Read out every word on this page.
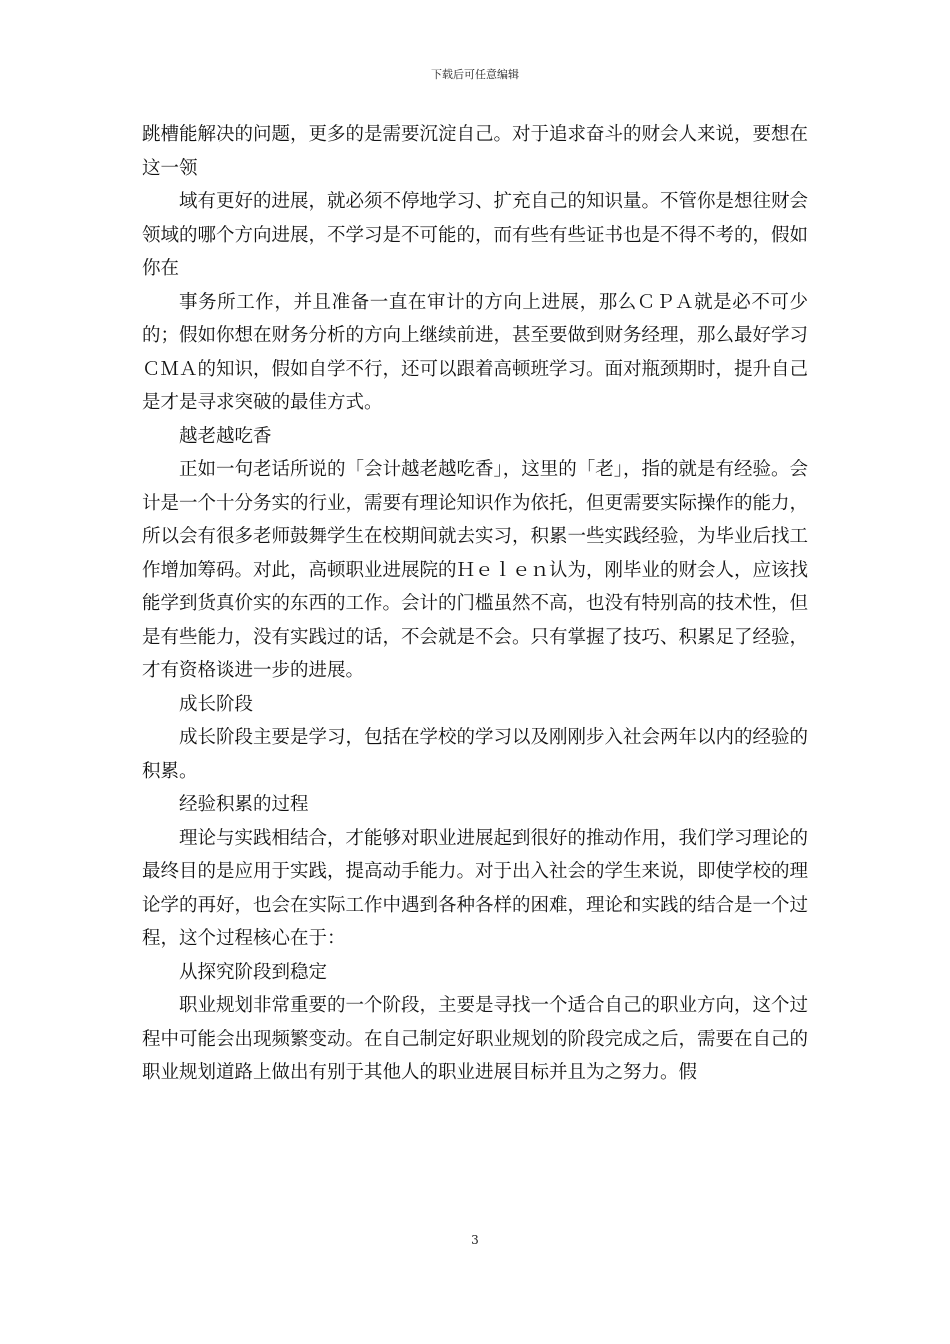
下载后可任意编辑

跳槽能解决的问题，更多的是需要沉淀自己。对于追求奋斗的财会人来说，要想在这一领

域有更好的进展，就必须不停地学习、扩充自己的知识量。不管你是想往财会领域的哪个方向进展，不学习是不可能的，而有些有些证书也是不得不考的，假如你在

事务所工作，并且准备一直在审计的方向上进展，那么ＣＰＡ就是必不可少的；假如你想在财务分析的方向上继续前进，甚至要做到财务经理，那么最好学习ＣＭＡ的知识，假如自学不行，还可以跟着高顿班学习。面对瓶颈期时，提升自己是才是寻求突破的最佳方式。

越老越吃香

正如一句老话所说的「会计越老越吃香」，这里的「老」，指的就是有经验。会计是一个十分务实的行业，需要有理论知识作为依托，但更需要实际操作的能力，所以会有很多老师鼓舞学生在校期间就去实习，积累一些实践经验，为毕业后找工作增加筹码。对此，高顿职业进展院的Ｈｅｌｅｎ认为，刚毕业的财会人，应该找能学到货真价实的东西的工作。会计的门槛虽然不高，也没有特别高的技术性，但是有些能力，没有实践过的话，不会就是不会。只有掌握了技巧、积累足了经验，才有资格谈进一步的进展。

成长阶段

成长阶段主要是学习，包括在学校的学习以及刚刚步入社会两年以内的经验的积累。

经验积累的过程

理论与实践相结合，才能够对职业进展起到很好的推动作用，我们学习理论的最终目的是应用于实践，提高动手能力。对于出入社会的学生来说，即使学校的理论学的再好，也会在实际工作中遇到各种各样的困难，理论和实践的结合是一个过程，这个过程核心在于：

从探究阶段到稳定

职业规划非常重要的一个阶段，主要是寻找一个适合自己的职业方向，这个过程中可能会出现频繁变动。在自己制定好职业规划的阶段完成之后，需要在自己的职业规划道路上做出有别于其他人的职业进展目标并且为之努力。假

3
